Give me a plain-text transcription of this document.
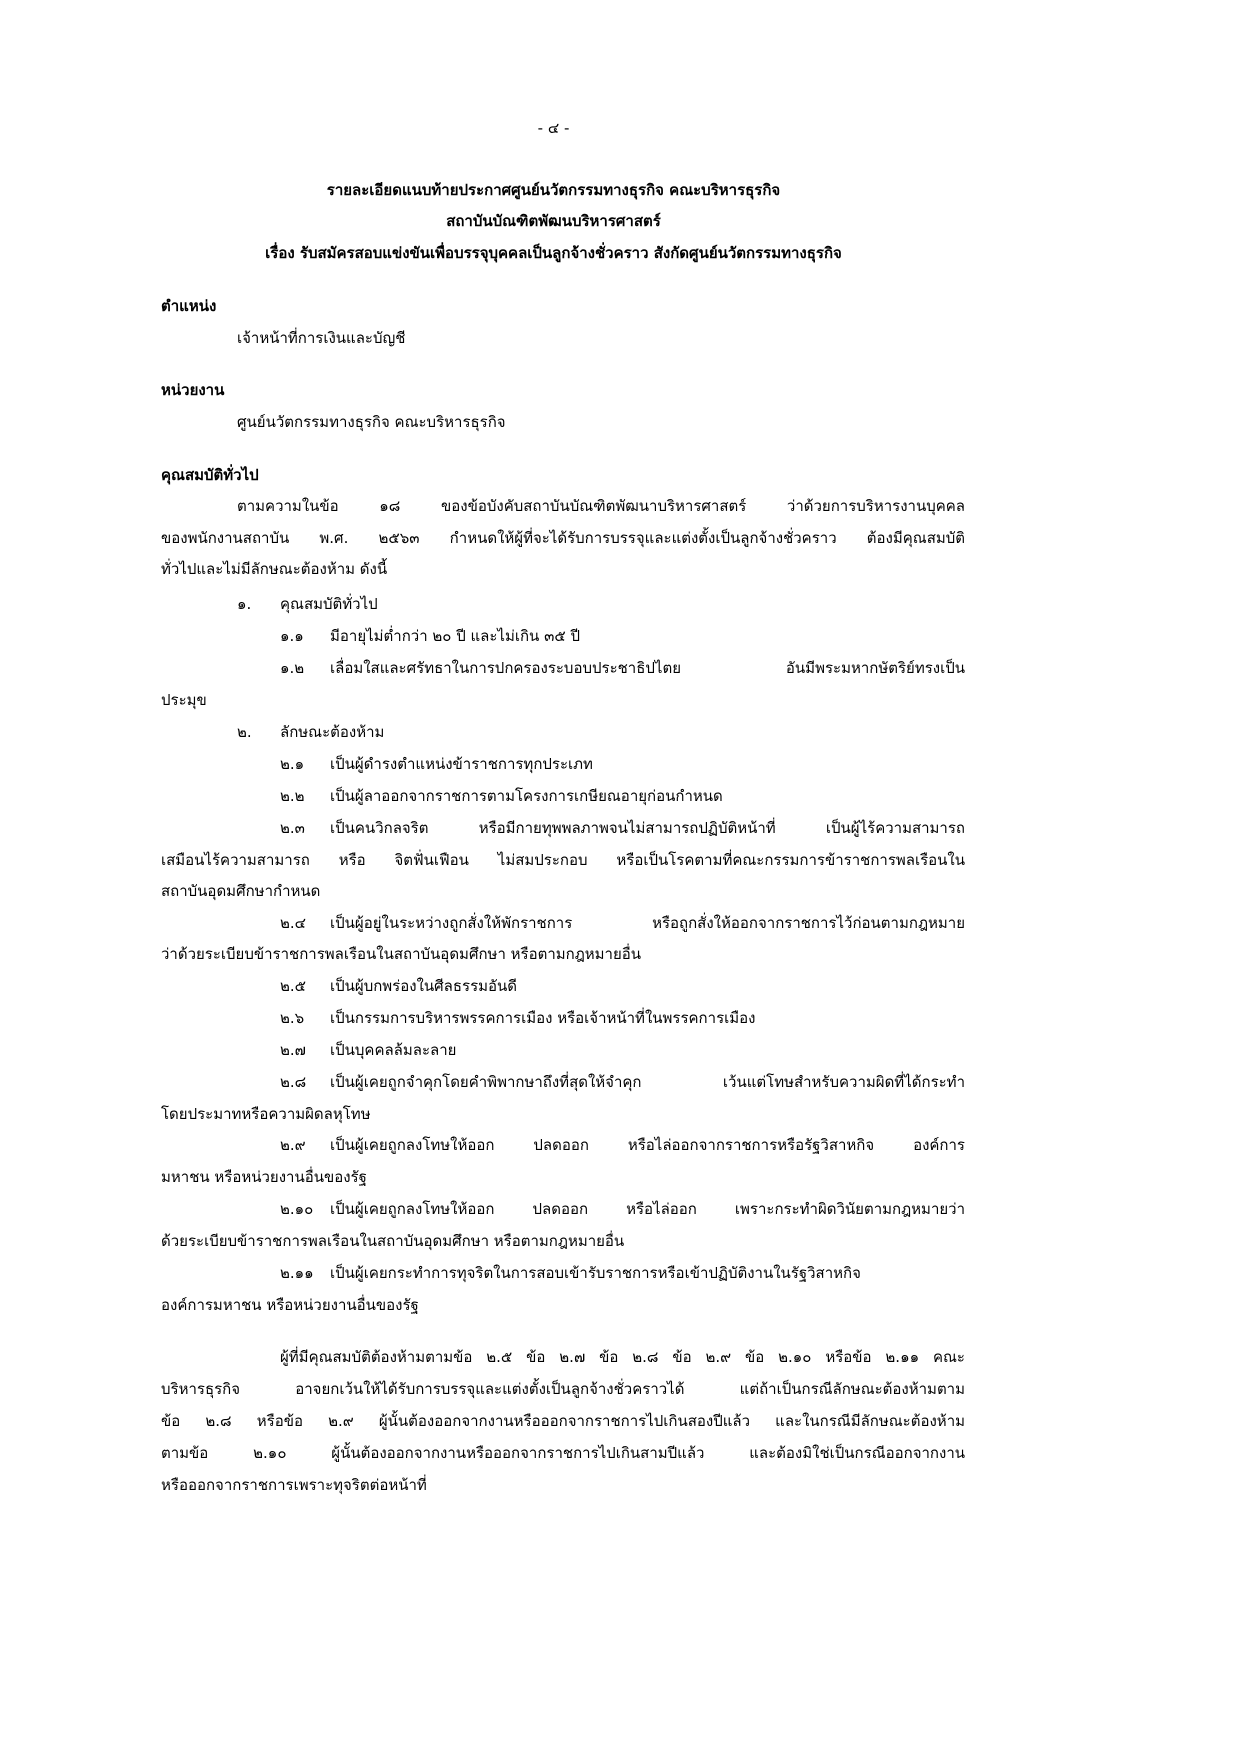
- ๔ -
รายละเอียดแนบท้ายประกาศศูนย์นวัตกรรมทางธุรกิจ คณะบริหารธุรกิจ
สถาบันบัณฑิตพัฒนบริหารศาสตร์
เรื่อง รับสมัครสอบแข่งขันเพื่อบรรจุบุคคลเป็นลูกจ้างชั่วคราว สังกัดศูนย์นวัตกรรมทางธุรกิจ
ตำแหน่ง
เจ้าหน้าที่การเงินและบัญชี
หน่วยงาน
ศูนย์นวัตกรรมทางธุรกิจ คณะบริหารธุรกิจ
คุณสมบัติทั่วไป
ตามความในข้อ ๑๘ ของข้อบังคับสถาบันบัณฑิตพัฒนาบริหารศาสตร์ ว่าด้วยการบริหารงานบุคคล
ของพนักงานสถาบัน พ.ศ. ๒๕๖๓ กำหนดให้ผู้ที่จะได้รับการบรรจุและแต่งตั้งเป็นลูกจ้างชั่วคราว ต้องมีคุณสมบัติ
ทั่วไปและไม่มีลักษณะต้องห้าม ดังนี้
๑. คุณสมบัติทั่วไป
๑.๑ มีอายุไม่ต่ำกว่า ๒๐ ปี และไม่เกิน ๓๕ ปี
๑.๒ เลื่อมใสและศรัทธาในการปกครองระบอบประชาธิปไตย อันมีพระมหากษัตริย์ทรงเป็น
ประมุข
๒. ลักษณะต้องห้าม
๒.๑ เป็นผู้ดำรงตำแหน่งข้าราชการทุกประเภท
๒.๒ เป็นผู้ลาออกจากราชการตามโครงการเกษียณอายุก่อนกำหนด
๒.๓ เป็นคนวิกลจริต หรือมีกายทุพพลภาพจนไม่สามารถปฏิบัติหน้าที่ เป็นผู้ไร้ความสามารถ
เสมือนไร้ความสามารถ หรือ จิตฟั่นเฟือน ไม่สมประกอบ หรือเป็นโรคตามที่คณะกรรมการข้าราชการพลเรือนใน
สถาบันอุดมศึกษากำหนด
๒.๔ เป็นผู้อยู่ในระหว่างถูกสั่งให้พักราชการ หรือถูกสั่งให้ออกจากราชการไว้ก่อนตามกฎหมาย
ว่าด้วยระเบียบข้าราชการพลเรือนในสถาบันอุดมศึกษา หรือตามกฎหมายอื่น
๒.๕ เป็นผู้บกพร่องในศีลธรรมอันดี
๒.๖ เป็นกรรมการบริหารพรรคการเมือง หรือเจ้าหน้าที่ในพรรคการเมือง
๒.๗ เป็นบุคคลล้มละลาย
๒.๘ เป็นผู้เคยถูกจำคุกโดยคำพิพากษาถึงที่สุดให้จำคุก เว้นแต่โทษสำหรับความผิดที่ได้กระทำ
โดยประมาทหรือความผิดลหุโทษ
๒.๙ เป็นผู้เคยถูกลงโทษให้ออก ปลดออก หรือไล่ออกจากราชการหรือรัฐวิสาหกิจ องค์การ
มหาชน หรือหน่วยงานอื่นของรัฐ
๒.๑๐ เป็นผู้เคยถูกลงโทษให้ออก ปลดออก หรือไล่ออก เพราะกระทำผิดวินัยตามกฎหมายว่า
ด้วยระเบียบข้าราชการพลเรือนในสถาบันอุดมศึกษา หรือตามกฎหมายอื่น
๒.๑๑ เป็นผู้เคยกระทำการทุจริตในการสอบเข้ารับราชการหรือเข้าปฏิบัติงานในรัฐวิสาหกิจ
องค์การมหาชน หรือหน่วยงานอื่นของรัฐ
ผู้ที่มีคุณสมบัติต้องห้ามตามข้อ ๒.๕ ข้อ ๒.๗ ข้อ ๒.๘ ข้อ ๒.๙ ข้อ ๒.๑๐ หรือข้อ ๒.๑๑ คณะ
บริหารธุรกิจ อาจยกเว้นให้ได้รับการบรรจุและแต่งตั้งเป็นลูกจ้างชั่วคราวได้ แต่ถ้าเป็นกรณีลักษณะต้องห้ามตาม
ข้อ ๒.๘ หรือข้อ ๒.๙ ผู้นั้นต้องออกจากงานหรือออกจากราชการไปเกินสองปีแล้ว และในกรณีมีลักษณะต้องห้าม
ตามข้อ ๒.๑๐ ผู้นั้นต้องออกจากงานหรือออกจากราชการไปเกินสามปีแล้ว และต้องมิใช่เป็นกรณีออกจากงาน
หรือออกจากราชการเพราะทุจริตต่อหน้าที่
